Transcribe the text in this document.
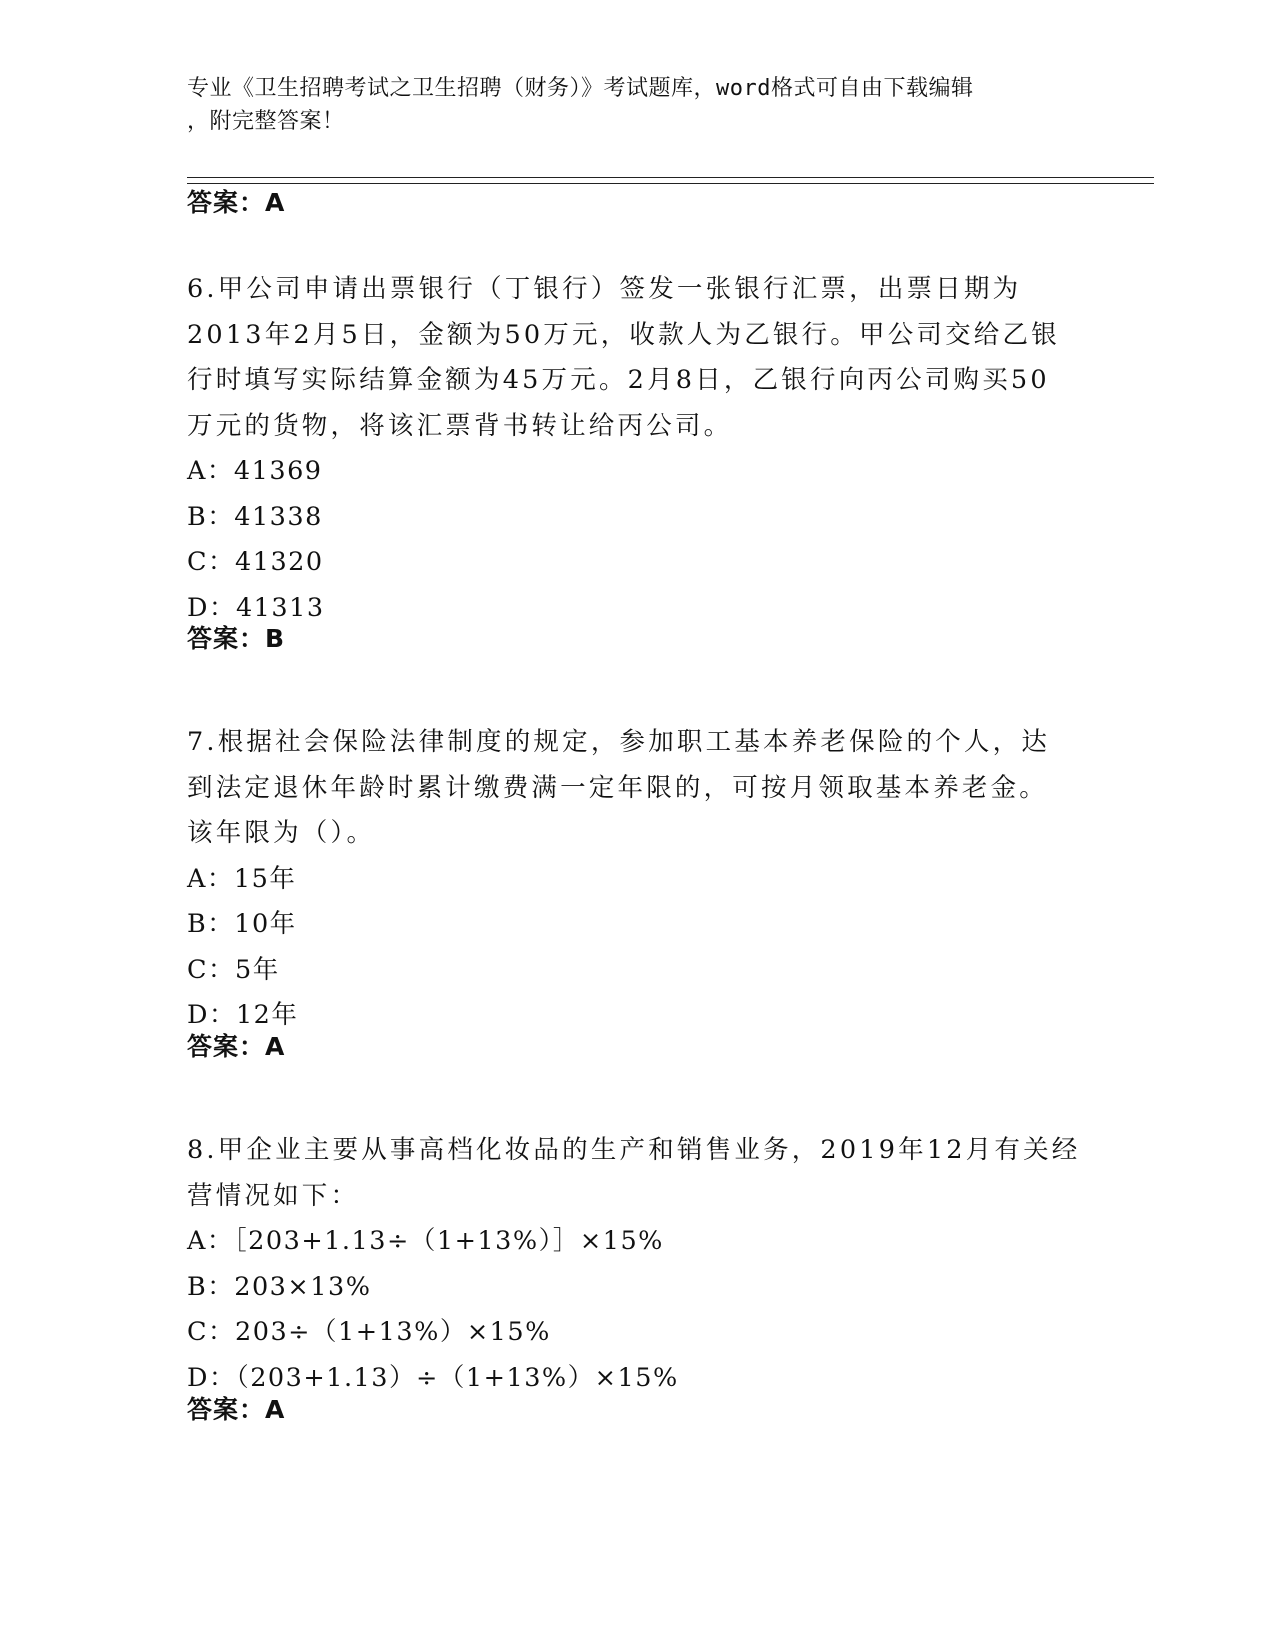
专业《卫生招聘考试之卫生招聘（财务）》考试题库，word格式可自由下载编辑
，附完整答案！
答案：A

6.甲公司申请出票银行（丁银行）签发一张银行汇票，出票日期为

2013年2月5日，金额为50万元，收款人为乙银行。甲公司交给乙银

行时填写实际结算金额为45万元。2月8日，乙银行向丙公司购买50

万元的货物，将该汇票背书转让给丙公司。

A：41369

B：41338

C：41320

D：41313

答案：B

7.根据社会保险法律制度的规定，参加职工基本养老保险的个人，达

到法定退休年龄时累计缴费满一定年限的，可按月领取基本养老金。

该年限为（）。

A：15年

B：10年

C：5年

D：12年

答案：A

8.甲企业主要从事高档化妆品的生产和销售业务，2019年12月有关经

营情况如下：

A：［203+1.13÷（1+13%）］×15%

B：203×13%

C：203÷（1+13%）×15%

D：（203+1.13）÷（1+13%）×15%

答案：A
